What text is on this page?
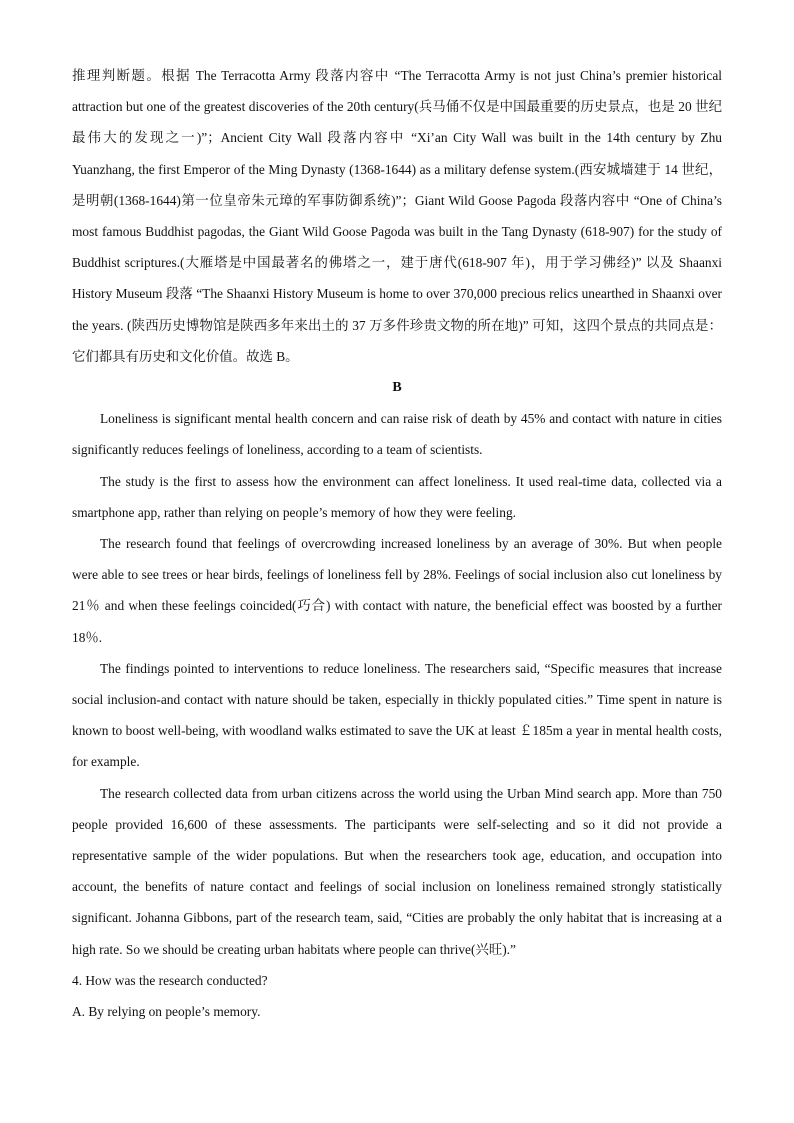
推理判断题。根据 The Terracotta Army 段落内容中 “The Terracotta Army is not just China’s premier historical attraction but one of the greatest discoveries of the 20th century(兵马俑不仅是中国最重要的历史景点，也是 20 世纪最伟大的发现之一)”；Ancient City Wall 段落内容中 “Xi’an City Wall was built in the 14th century by Zhu Yuanzhang, the first Emperor of the Ming Dynasty (1368-1644) as a military defense system.(西安城墙建于 14 世纪，是明朝(1368-1644)第一位皇帝朱元璋的军事防御系统)”；Giant Wild Goose Pagoda 段落内容中 “One of China’s most famous Buddhist pagodas, the Giant Wild Goose Pagoda was built in the Tang Dynasty (618-907) for the study of Buddhist scriptures.(大雁塔是中国最著名的佛塔之一，建于唐代(618-907 年)，用于学习佛经)” 以及 Shaanxi History Museum 段落 “The Shaanxi History Museum is home to over 370,000 precious relics unearthed in Shaanxi over the years. (陕西历史博物馆是陕西多年来出土的 37 万多件珍贵文物的所在地)” 可知，这四个景点的共同点是：它们都具有历史和文化价值。故选 B。

B

Loneliness is significant mental health concern and can raise risk of death by 45% and contact with nature in cities significantly reduces feelings of loneliness, according to a team of scientists.

The study is the first to assess how the environment can affect loneliness. It used real-time data, collected via a smartphone app, rather than relying on people’s memory of how they were feeling.

The research found that feelings of overcrowding increased loneliness by an average of 30%. But when people were able to see trees or hear birds, feelings of loneliness fell by 28%. Feelings of social inclusion also cut loneliness by 21％ and when these feelings coincided(巧合) with contact with nature, the beneficial effect was boosted by a further 18％.

The findings pointed to interventions to reduce loneliness. The researchers said, “Specific measures that increase social inclusion-and contact with nature should be taken, especially in thickly populated cities.” Time spent in nature is known to boost well-being, with woodland walks estimated to save the UK at least ￡185m a year in mental health costs, for example.

The research collected data from urban citizens across the world using the Urban Mind search app. More than 750 people provided 16,600 of these assessments. The participants were self-selecting and so it did not provide a representative sample of the wider populations. But when the researchers took age, education, and occupation into account, the benefits of nature contact and feelings of social inclusion on loneliness remained strongly statistically significant. Johanna Gibbons, part of the research team, said, “Cities are probably the only habitat that is increasing at a high rate. So we should be creating urban habitats where people can thrive(兴旺).”

4. How was the research conducted?

A. By relying on people’s memory.
